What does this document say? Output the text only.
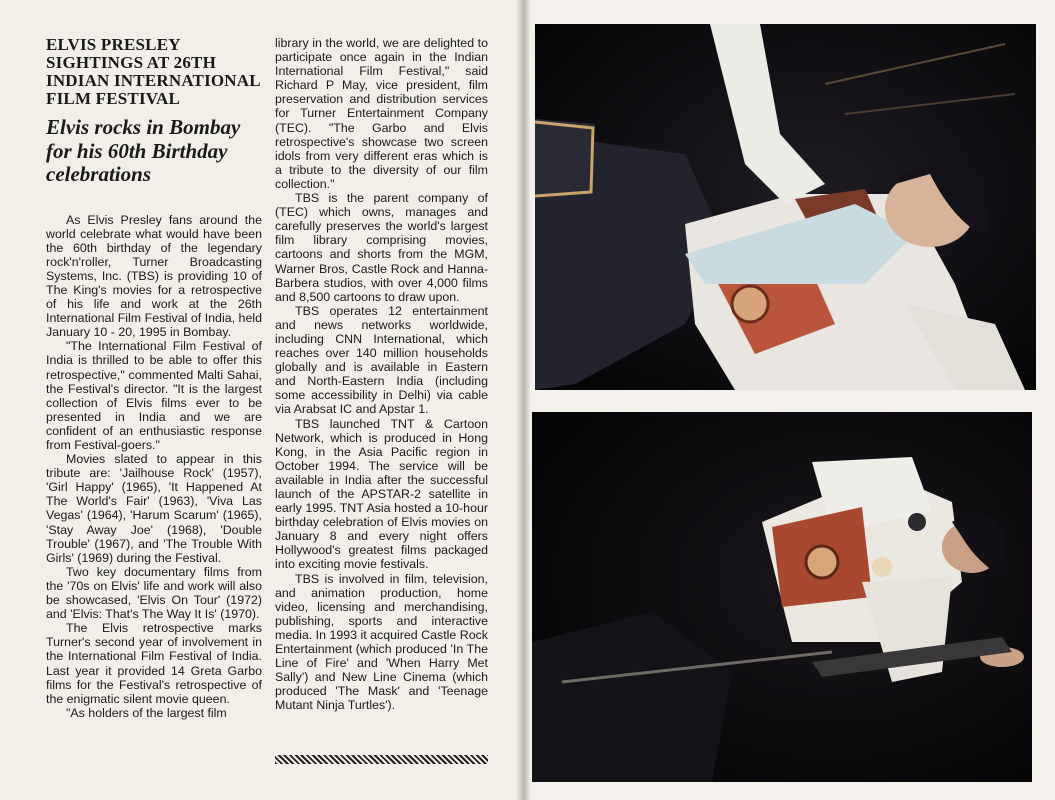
ELVIS PRESLEY SIGHTINGS AT 26TH INDIAN INTERNATIONAL FILM FESTIVAL
Elvis rocks in Bombay for his 60th Birthday celebrations

As Elvis Presley fans around the world celebrate what would have been the 60th birthday of the legendary rock'n'roller, Turner Broadcasting Systems, Inc. (TBS) is providing 10 of The King's movies for a retrospective of his life and work at the 26th International Film Festival of India, held January 10 - 20, 1995 in Bombay.

"The International Film Festival of India is thrilled to be able to offer this retrospective," commented Malti Sahai, the Festival's director. "It is the largest collection of Elvis films ever to be presented in India and we are confident of an enthusiastic response from Festival-goers."

Movies slated to appear in this tribute are: 'Jailhouse Rock' (1957), 'Girl Happy' (1965), 'It Happened At The World's Fair' (1963), 'Viva Las Vegas' (1964), 'Harum Scarum' (1965), 'Stay Away Joe' (1968), 'Double Trouble' (1967), and 'The Trouble With Girls' (1969) during the Festival.

Two key documentary films from the '70s on Elvis' life and work will also be showcased, 'Elvis On Tour' (1972) and 'Elvis: That's The Way It Is' (1970).

The Elvis retrospective marks Turner's second year of involvement in the International Film Festival of India. Last year it provided 14 Greta Garbo films for the Festival's retrospective of the enigmatic silent movie queen.

"As holders of the largest film

library in the world, we are delighted to participate once again in the Indian International Film Festival," said Richard P May, vice president, film preservation and distribution services for Turner Entertainment Company (TEC). "The Garbo and Elvis retrospective's showcase two screen idols from very different eras which is a tribute to the diversity of our film collection."

TBS is the parent company of (TEC) which owns, manages and carefully preserves the world's largest film library comprising movies, cartoons and shorts from the MGM, Warner Bros, Castle Rock and Hanna-Barbera studios, with over 4,000 films and 8,500 cartoons to draw upon.

TBS operates 12 entertainment and news networks worldwide, including CNN International, which reaches over 140 million households globally and is available in Eastern and North-Eastern India (including some accessibility in Delhi) via cable via Arabsat IC and Apstar 1.

TBS launched TNT & Cartoon Network, which is produced in Hong Kong, in the Asia Pacific region in October 1994. The service will be available in India after the successful launch of the APSTAR-2 satellite in early 1995. TNT Asia hosted a 10-hour birthday celebration of Elvis movies on January 8 and every night offers Hollywood's greatest films packaged into exciting movie festivals.

TBS is involved in film, television, and animation production, home video, licensing and merchandising, publishing, sports and interactive media. In 1993 it acquired Castle Rock Entertainment (which produced 'In The Line of Fire' and 'When Harry Met Sally') and New Line Cinema (which produced 'The Mask' and 'Teenage Mutant Ninja Turtles').
